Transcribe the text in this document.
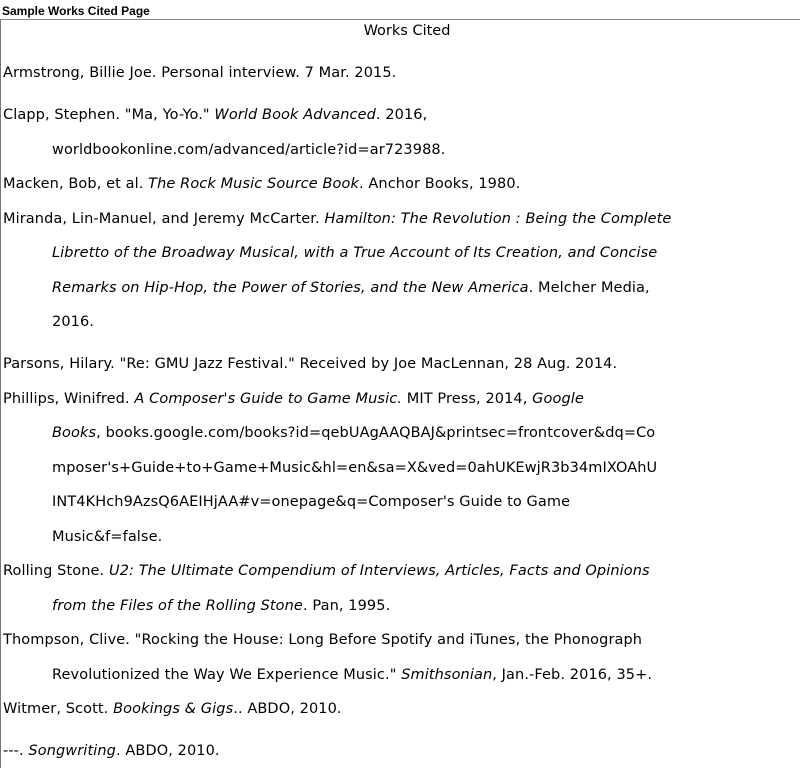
Sample Works Cited Page
Works Cited
Armstrong, Billie Joe. Personal interview. 7 Mar. 2015.
Clapp, Stephen. "Ma, Yo-Yo." World Book Advanced. 2016,
worldbookonline.com/advanced/article?id=ar723988.
Macken, Bob, et al. The Rock Music Source Book. Anchor Books, 1980.
Miranda, Lin-Manuel, and Jeremy McCarter. Hamilton: The Revolution : Being the Complete
Libretto of the Broadway Musical, with a True Account of Its Creation, and Concise
Remarks on Hip-Hop, the Power of Stories, and the New America. Melcher Media,
2016.
Parsons, Hilary. "Re: GMU Jazz Festival." Received by Joe MacLennan, 28 Aug. 2014.
Phillips, Winifred. A Composer's Guide to Game Music. MIT Press, 2014, Google
Books, books.google.com/books?id=qebUAgAAQBAJ&printsec=frontcover&dq=Co
mposer's+Guide+to+Game+Music&hl=en&sa=X&ved=0ahUKEwjR3b34mIXOAhU
INT4KHch9AzsQ6AEIHjAA#v=onepage&q=Composer's Guide to Game
Music&f=false.
Rolling Stone. U2: The Ultimate Compendium of Interviews, Articles, Facts and Opinions
from the Files of the Rolling Stone. Pan, 1995.
Thompson, Clive. "Rocking the House: Long Before Spotify and iTunes, the Phonograph
Revolutionized the Way We Experience Music." Smithsonian, Jan.-Feb. 2016, 35+.
Witmer, Scott. Bookings & Gigs.. ABDO, 2010.
---. Songwriting. ABDO, 2010.
